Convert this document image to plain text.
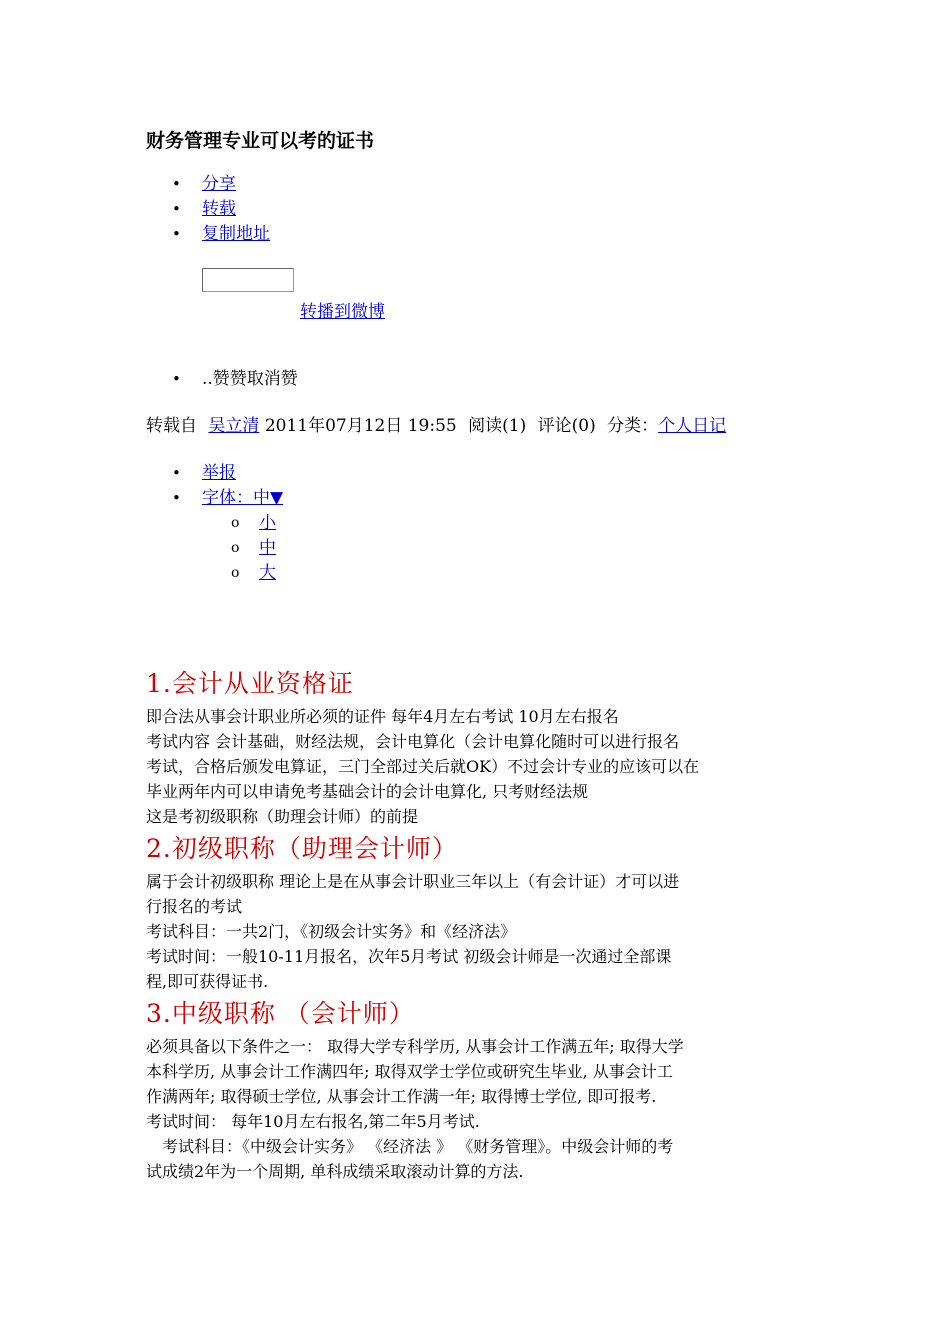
财务管理专业可以考的证书
• 分享
• 转载
• 复制地址
转播到微博
• ..赞赞取消赞
转载自 吴立清 2011年07月12日 19:55 阅读(1) 评论(0) 分类：个人日记
• 举报
• 字体：中▼
o 小
o 中
o 大
1.会计从业资格证

即合法从事会计职业所必须的证件 每年4月左右考试 10月左右报名

考试内容 会计基础，财经法规，会计电算化（会计电算化随时可以进行报名

考试，合格后颁发电算证，三门全部过关后就OK）不过会计专业的应该可以在

毕业两年内可以申请免考基础会计的会计电算化, 只考财经法规

这是考初级职称（助理会计师）的前提

2.初级职称（助理会计师）

属于会计初级职称 理论上是在从事会计职业三年以上（有会计证）才可以进

行报名的考试

考试科目：一共2门，《初级会计实务》和《经济法》

考试时间：一般10-11月报名，次年5月考试 初级会计师是一次通过全部课

程,即可获得证书.

3.中级职称 （会计师）

必须具备以下条件之一： 取得大学专科学历, 从事会计工作满五年; 取得大学

本科学历, 从事会计工作满四年; 取得双学士学位或研究生毕业, 从事会计工

作满两年; 取得硕士学位, 从事会计工作满一年; 取得博士学位, 即可报考.

考试时间： 每年10月左右报名,第二年5月考试.

考试科目：《中级会计实务》 《经济法 》 《财务管理》。中级会计师的考

试成绩2年为一个周期, 单科成绩采取滚动计算的方法.
